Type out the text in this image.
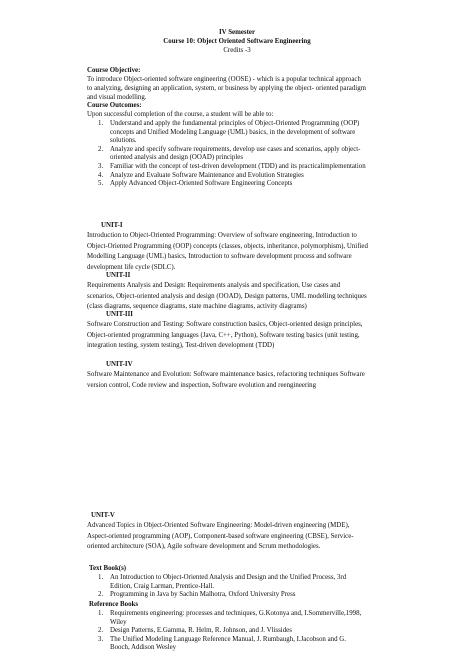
IV Semester
Course 10: Object Oriented Software Engineering
Credits -3
Course Objective:
To introduce Object-oriented software engineering (OOSE) - which is a popular technical approach
to analyzing, designing an application, system, or business by applying the object- oriented paradigm
and visual modelling.
Course Outcomes:
Upon successful completion of the course, a student will be able to:
1. Understand and apply the fundamental principles of Object-Oriented Programming (OOP)
concepts and Unified Modeling Language (UML) basics, in the development of software
solutions.
2. Analyze and specify software requirements, develop use cases and scenarios, apply object-
oriented analysis and design (OOAD) principles
3. Familiar with the concept of test-driven development (TDD) and its practicalimplementation
4. Analyze and Evaluate Software Maintenance and Evolution Strategies
5. Apply Advanced Object-Oriented Software Engineering Concepts
UNIT-I
Introduction to Object-Oriented Programming: Overview of software engineering, Introduction to
Object-Oriented Programming (OOP) concepts (classes, objects, inheritance, polymorphism), Unified
Modelling Language (UML) basics, Introduction to software development process and software
development life cycle (SDLC).
UNIT-II
Requirements Analysis and Design: Requirements analysis and specification, Use cases and
scenarios, Object-oriented analysis and design (OOAD), Design patterns, UML modelling techniques
(class diagrams, sequence diagrams, state machine diagrams, activity diagrams)
UNIT-III
Software Construction and Testing: Software construction basics, Object-oriented design principles,
Object-oriented programming languages (Java, C++, Python), Software testing basics (unit testing,
integration testing, system testing), Test-driven development (TDD)
UNIT-IV
Software Maintenance and Evolution: Software maintenance basics, refactoring techniques Software
version control, Code review and inspection, Software evolution and reengineering
UNIT-V
Advanced Topics in Object-Oriented Software Engineering: Model-driven engineering (MDE),
Aspect-oriented programming (AOP), Component-based software engineering (CBSE), Service-
oriented architecture (SOA), Agile software development and Scrum methodologies.
Text Book(s)
1. An Introduction to Object-Oriented Analysis and Design and the Unified Process, 3rd
Edition, Craig Larman, Prentice-Hall.
2. Programming in Java by Sachin Malhotra, Oxford University Press
Reference Books
1. Requirements engineering: processes and techniques, G.Kotonya and, I.Sommerville,1998,
Wiley
2. Design Patterns, E.Gamma, R. Helm, R. Johnson, and J. Vlissides
3. The Unified Modeling Language Reference Manual, J. Rumbaugh, I.Jacobson and G.
Booch, Addison Wesley
